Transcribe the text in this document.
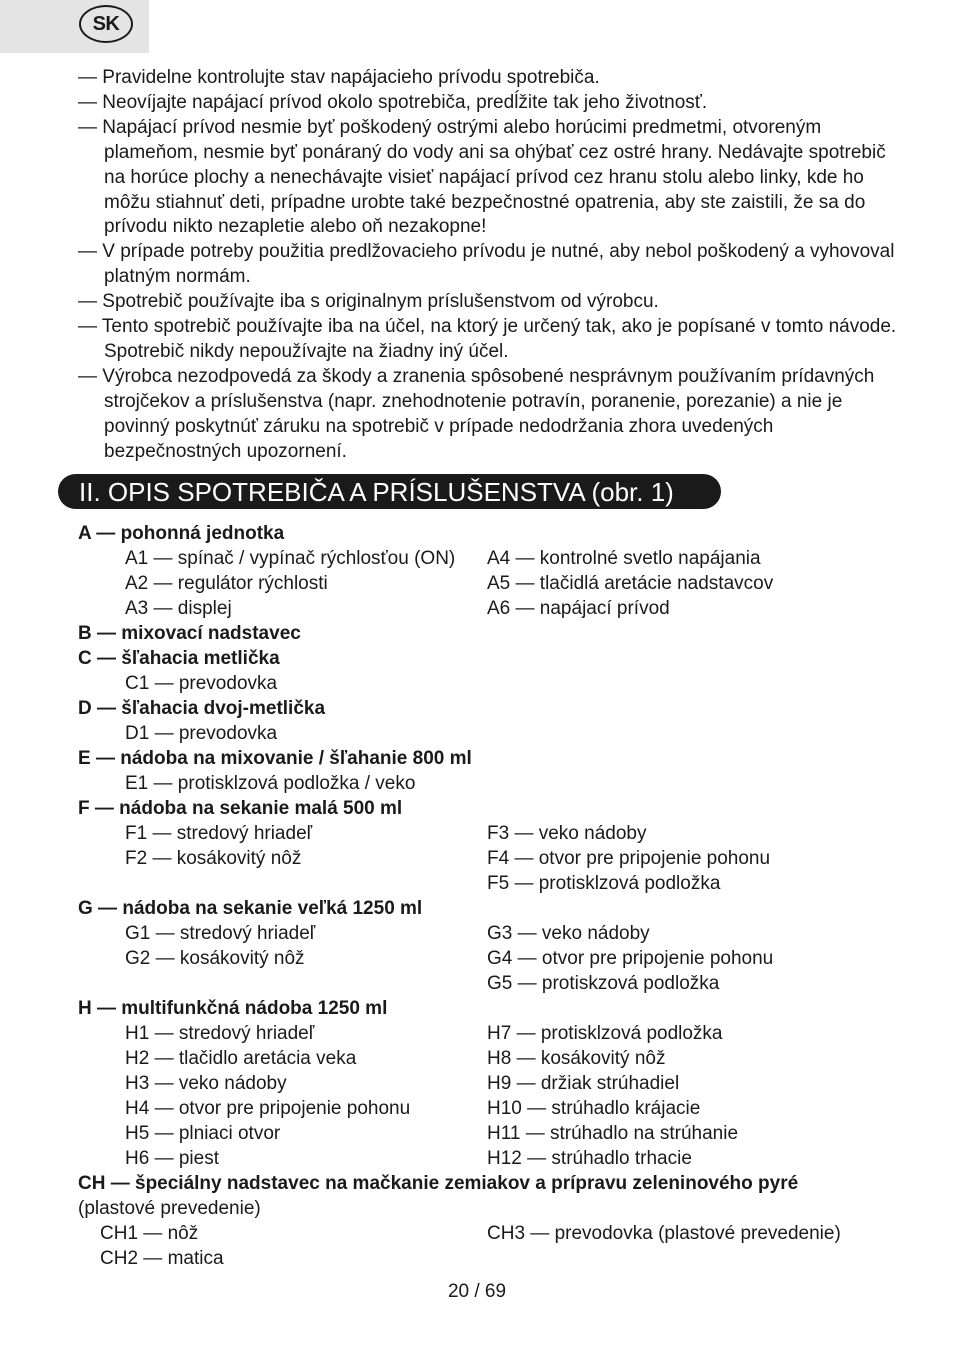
SK
— Pravidelne kontrolujte stav napájacieho prívodu spotrebiča.
— Neovíjajte napájací prívod okolo spotrebiča, predĺžite tak jeho životnosť.
— Napájací prívod nesmie byť poškodený ostrými alebo horúcimi predmetmi, otvoreným plameňom, nesmie byť ponáraný do vody ani sa ohýbať cez ostré hrany. Nedávajte spotrebič na horúce plochy a nenechávajte visieť napájací prívod cez hranu stolu alebo linky, kde ho môžu stiahnuť deti, prípadne urobte také bezpečnostné opatrenia, aby ste zaistili, že sa do prívodu nikto nezapletie alebo oň nezakopne!
— V prípade potreby použitia predlžovacieho prívodu je nutné, aby nebol poškodený a vyhovoval platným normám.
— Spotrebič používajte iba s originalnym príslušenstvom od výrobcu.
— Tento spotrebič používajte iba na účel, na ktorý je určený tak, ako je popísané v tomto návode. Spotrebič nikdy nepoužívajte na žiadny iný účel.
— Výrobca nezodpovedá za škody a zranenia spôsobené nesprávnym používaním prídavných strojčekov a príslušenstva (napr. znehodnotenie potravín, poranenie, porezanie) a nie je povinný poskytnúť záruku na spotrebič v prípade nedodržania zhora uvedených bezpečnostných upozornení.
II. OPIS SPOTREBIČA A PRÍSLUŠENSTVA (obr. 1)
A — pohonná jednotka
A1 — spínač / vypínač rýchlosťou (ON) A4 — kontrolné svetlo napájania
A2 — regulátor rýchlosti	A5 — tlačidlá aretácie nadstavcov
A3 — displej	A6 — napájací prívod
B — mixovací nadstavec
C — šľahacia metlička
C1 — prevodovka
D — šľahacia dvoj-metlička
D1 — prevodovka
E — nádoba na mixovanie / šľahanie 800 ml
E1 — protisklzová podložka / veko
F — nádoba na sekanie malá 500 ml
F1 — stredový hriadeľ	F3 — veko nádoby
F2 — kosákovitý nôž	F4 — otvor pre pripojenie pohonu
F5 — protisklzová podložka
G — nádoba na sekanie veľká 1250 ml
G1 — stredový hriadeľ	G3 — veko nádoby
G2 — kosákovitý nôž	G4 — otvor pre pripojenie pohonu
G5 — protiskzová podložka
H — multifunkčná nádoba 1250 ml
H1 — stredový hriadeľ	H7 — protisklzová podložka
H2 — tlačidlo aretácia veka	H8 — kosákovitý nôž
H3 — veko nádoby	H9 — držiak strúhadiel
H4 — otvor pre pripojenie pohonu	H10 — strúhadlo krájacie
H5 — plniaci otvor	H11 — strúhadlo na strúhanie
H6 — piest	H12 — strúhadlo trhacie
CH — špeciálny nadstavec na mačkanie zemiakov a prípravu zeleninového pyré
(plastové prevedenie)
CH1 — nôž	CH3 — prevodovka (plastové prevedenie)
CH2 — matica
20 / 69
